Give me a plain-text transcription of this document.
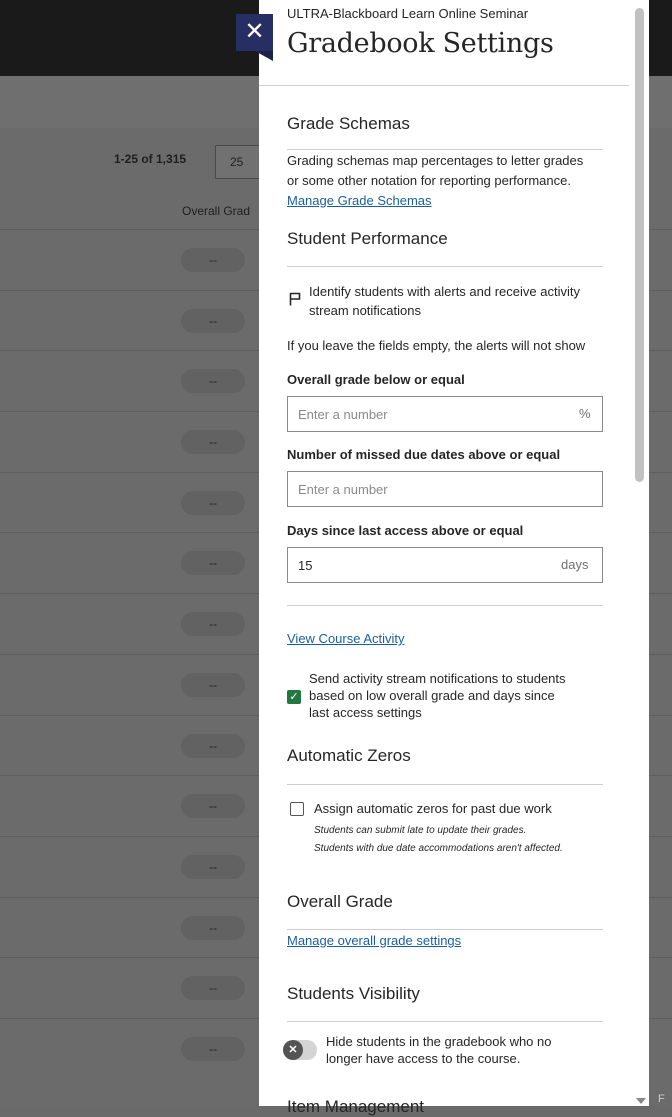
1-25 of 1,315	25
Overall Grad
--
--
--
--
--
--
--
--
--
--
--
--
--
--
✕
ULTRA-Blackboard Learn Online Seminar
Gradebook Settings
Grade Schemas
Grading schemas map percentages to letter grades
or some other notation for reporting performance.
Manage Grade Schemas
Student Performance
Identify students with alerts and receive activity
stream notifications
If you leave the fields empty, the alerts will not show
Overall grade below or equal
Enter a number
%
Number of missed due dates above or equal
Enter a number
Days since last access above or equal
15
days
View Course Activity
✓
Send activity stream notifications to students
based on low overall grade and days since
last access settings
Automatic Zeros
Assign automatic zeros for past due work
Students can submit late to update their grades.
Students with due date accommodations aren't affected.
Overall Grade
Manage overall grade settings
Students Visibility
✕
Hide students in the gradebook who no
longer have access to the course.
Item Management	F
